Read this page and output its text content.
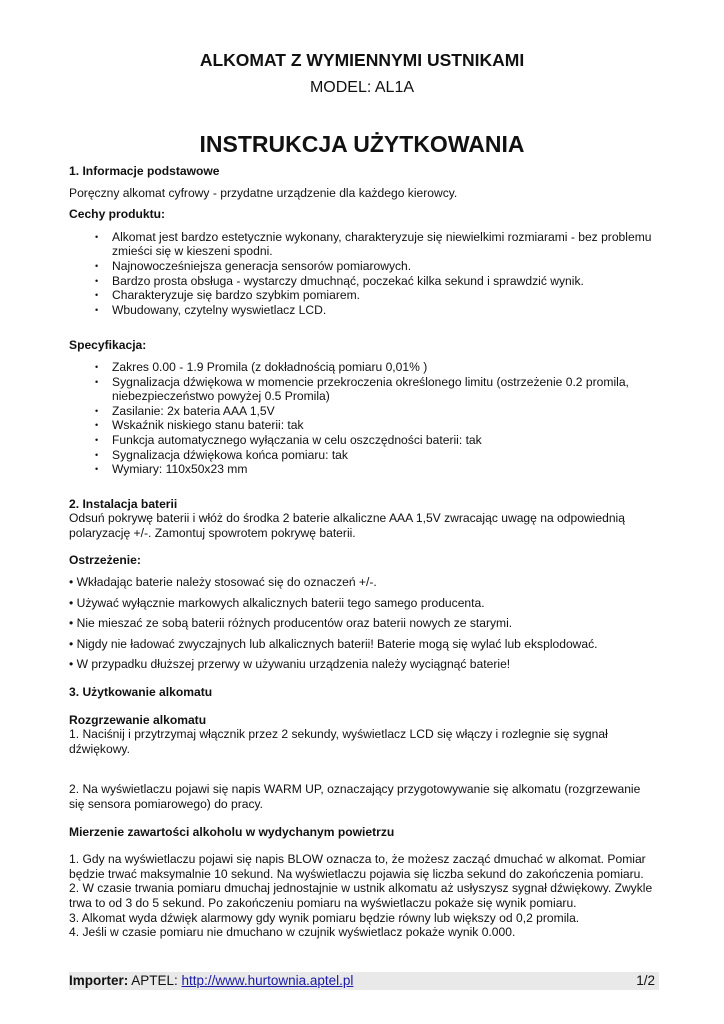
ALKOMAT Z WYMIENNYMI USTNIKAMI
MODEL: AL1A
INSTRUKCJA UŻYTKOWANIA

1. Informacje podstawowe

Poręczny alkomat cyfrowy - przydatne urządzenie dla każdego kierowcy.

Cechy produktu:

• Alkomat jest bardzo estetycznie wykonany, charakteryzuje się niewielkimi rozmiarami - bez problemu zmieści się w kieszeni spodni.
• Najnowocześniejsza generacja sensorów pomiarowych.
• Bardzo prosta obsługa - wystarczy dmuchnąć, poczekać kilka sekund i sprawdzić wynik.
• Charakteryzuje się bardzo szybkim pomiarem.
• Wbudowany, czytelny wyswietlacz LCD.

Specyfikacja:

• Zakres 0.00 - 1.9 Promila (z dokładnością pomiaru 0,01% )
• Sygnalizacja dźwiękowa w momencie przekroczenia określonego limitu (ostrzeżenie 0.2 promila, niebezpieczeństwo powyżej 0.5 Promila)
• Zasilanie: 2x bateria AAA 1,5V
• Wskaźnik niskiego stanu baterii: tak
• Funkcja automatycznego wyłączania w celu oszczędności baterii: tak
• Sygnalizacja dźwiękowa końca pomiaru: tak
• Wymiary: 110x50x23 mm

2. Instalacja baterii

Odsuń pokrywę baterii i włóż do środka 2 baterie alkaliczne AAA 1,5V zwracając uwagę na odpowiednią polaryzację +/-. Zamontuj spowrotem pokrywę baterii.

Ostrzeżenie:

• Wkładając baterie należy stosować się do oznaczeń +/-.

• Używać wyłącznie markowych alkalicznych baterii tego samego producenta.

• Nie mieszać ze sobą baterii różnych producentów oraz baterii nowych ze starymi.

• Nigdy nie ładować zwyczajnych lub alkalicznych baterii! Baterie mogą się wylać lub eksplodować.

• W przypadku dłuższej przerwy w używaniu urządzenia należy wyciągnąć baterie!

3. Użytkowanie alkomatu

Rozgrzewanie alkomatu

1. Naciśnij i przytrzymaj włącznik przez 2 sekundy, wyświetlacz LCD się włączy i rozlegnie się sygnał dźwiękowy.

2. Na wyświetlaczu pojawi się napis WARM UP, oznaczający przygotowywanie się alkomatu (rozgrzewanie się sensora pomiarowego) do pracy.

Mierzenie zawartości alkoholu w wydychanym powietrzu

1. Gdy na wyświetlaczu pojawi się napis BLOW oznacza to, że możesz zacząć dmuchać w alkomat. Pomiar będzie trwać maksymalnie 10 sekund. Na wyświetlaczu pojawia się liczba sekund do zakończenia pomiaru.

2. W czasie trwania pomiaru dmuchaj jednostajnie w ustnik alkomatu aż usłyszysz sygnał dźwiękowy. Zwykle trwa to od 3 do 5 sekund. Po zakończeniu pomiaru na wyświetlaczu pokaże się wynik pomiaru.

3. Alkomat wyda dźwięk alarmowy gdy wynik pomiaru będzie równy lub większy od 0,2 promila.

4. Jeśli w czasie pomiaru nie dmuchano w czujnik wyświetlacz pokaże wynik 0.000.

Importer: APTEL: http://www.hurtownia.aptel.pl	1/2
